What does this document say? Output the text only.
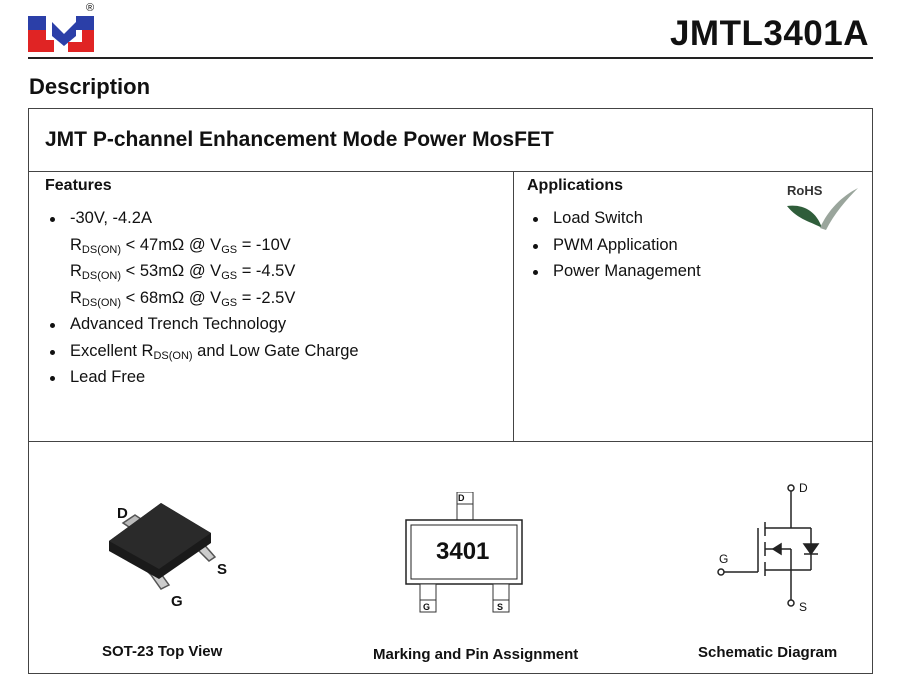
®
JMTL3401A
Description
JMT P-channel Enhancement Mode Power MosFET
Features
-30V, -4.2A
$R_{DS(ON)} < 47m\Omega$ @ $V_{GS} = -10V$
$R_{DS(ON)} < 53m\Omega$ @ $V_{GS} = -4.5V$
$R_{DS(ON)} < 68m\Omega$ @ $V_{GS} = -2.5V$
Advanced Trench Technology
Excellent $R_{DS(ON)}$ and Low Gate Charge
Lead Free
Applications
Load Switch
PWM Application
Power Management
RoHS
D
S
G
SOT-23 Top View
D
G	S
3401
Marking and Pin Assignment
D
G
S
Schematic Diagram
